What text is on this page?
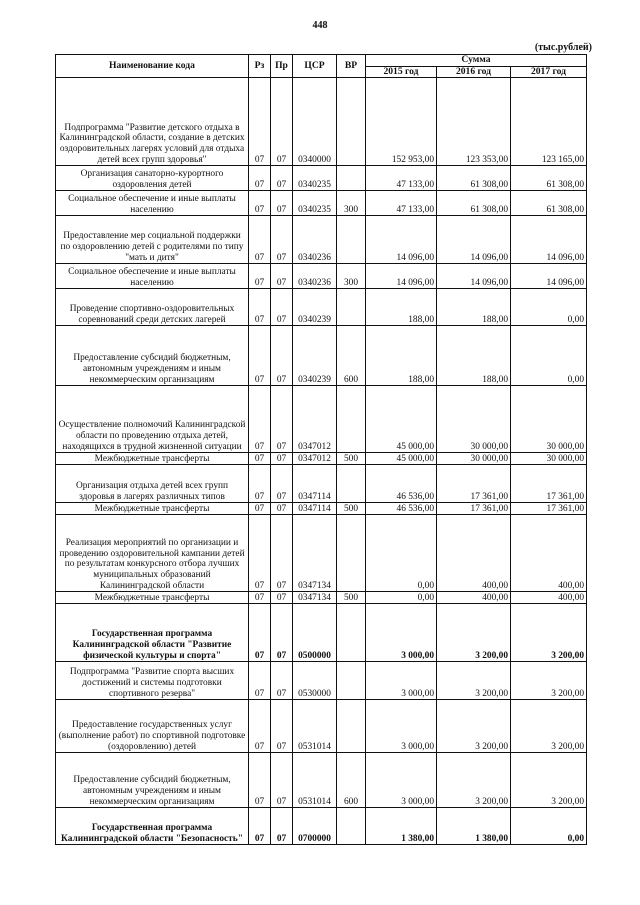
448
(тыс.рублей)
Наименование кода	Рз	Пр	ЦСР	ВР	Сумма		
					2015 год	2016 год	2017 год
Подпрограмма "Развитие детского отдыха в Калининградской области, создание в детских оздоровительных лагерях условий для отдыха детей всех групп здоровья"	07	07	0340000		152 953,00	123 353,00	123 165,00
Организация санаторно-курортного оздоровления детей	07	07	0340235		47 133,00	61 308,00	61 308,00
Социальное обеспечение и иные выплаты населению	07	07	0340235	300	47 133,00	61 308,00	61 308,00
Предоставление мер социальной поддержки по оздоровлению детей с родителями по типу "мать и дитя"	07	07	0340236		14 096,00	14 096,00	14 096,00
Социальное обеспечение и иные выплаты населению	07	07	0340236	300	14 096,00	14 096,00	14 096,00
Проведение спортивно-оздоровительных соревнований среди детских лагерей	07	07	0340239		188,00	188,00	0,00
Предоставление субсидий бюджетным, автономным учреждениям и иным некоммерческим организациям	07	07	0340239	600	188,00	188,00	0,00
Осуществление полномочий Калининградской области по проведению отдыха детей, находящихся в трудной жизненной ситуации	07	07	0347012		45 000,00	30 000,00	30 000,00
Межбюджетные трансферты	07	07	0347012	500	45 000,00	30 000,00	30 000,00
Организация отдыха детей всех групп здоровья в лагерях различных типов	07	07	0347114		46 536,00	17 361,00	17 361,00
Межбюджетные трансферты	07	07	0347114	500	46 536,00	17 361,00	17 361,00
Реализация мероприятий по организации и проведению оздоровительной кампании детей по результатам конкурсного отбора лучших муниципальных образований Калининградской области	07	07	0347134		0,00	400,00	400,00
Межбюджетные трансферты	07	07	0347134	500	0,00	400,00	400,00
Государственная программа Калининградской области "Развитие физической культуры и спорта"	07	07	0500000		3 000,00	3 200,00	3 200,00
Подпрограмма "Развитие спорта высших достижений и системы подготовки спортивного резерва"	07	07	0530000		3 000,00	3 200,00	3 200,00
Предоставление государственных услуг (выполнение работ) по спортивной подготовке (оздоровлению) детей	07	07	0531014		3 000,00	3 200,00	3 200,00
Предоставление субсидий бюджетным, автономным учреждениям и иным некоммерческим организациям	07	07	0531014	600	3 000,00	3 200,00	3 200,00
Государственная программа Калининградской области "Безопасность"	07	07	0700000		1 380,00	1 380,00	0,00
